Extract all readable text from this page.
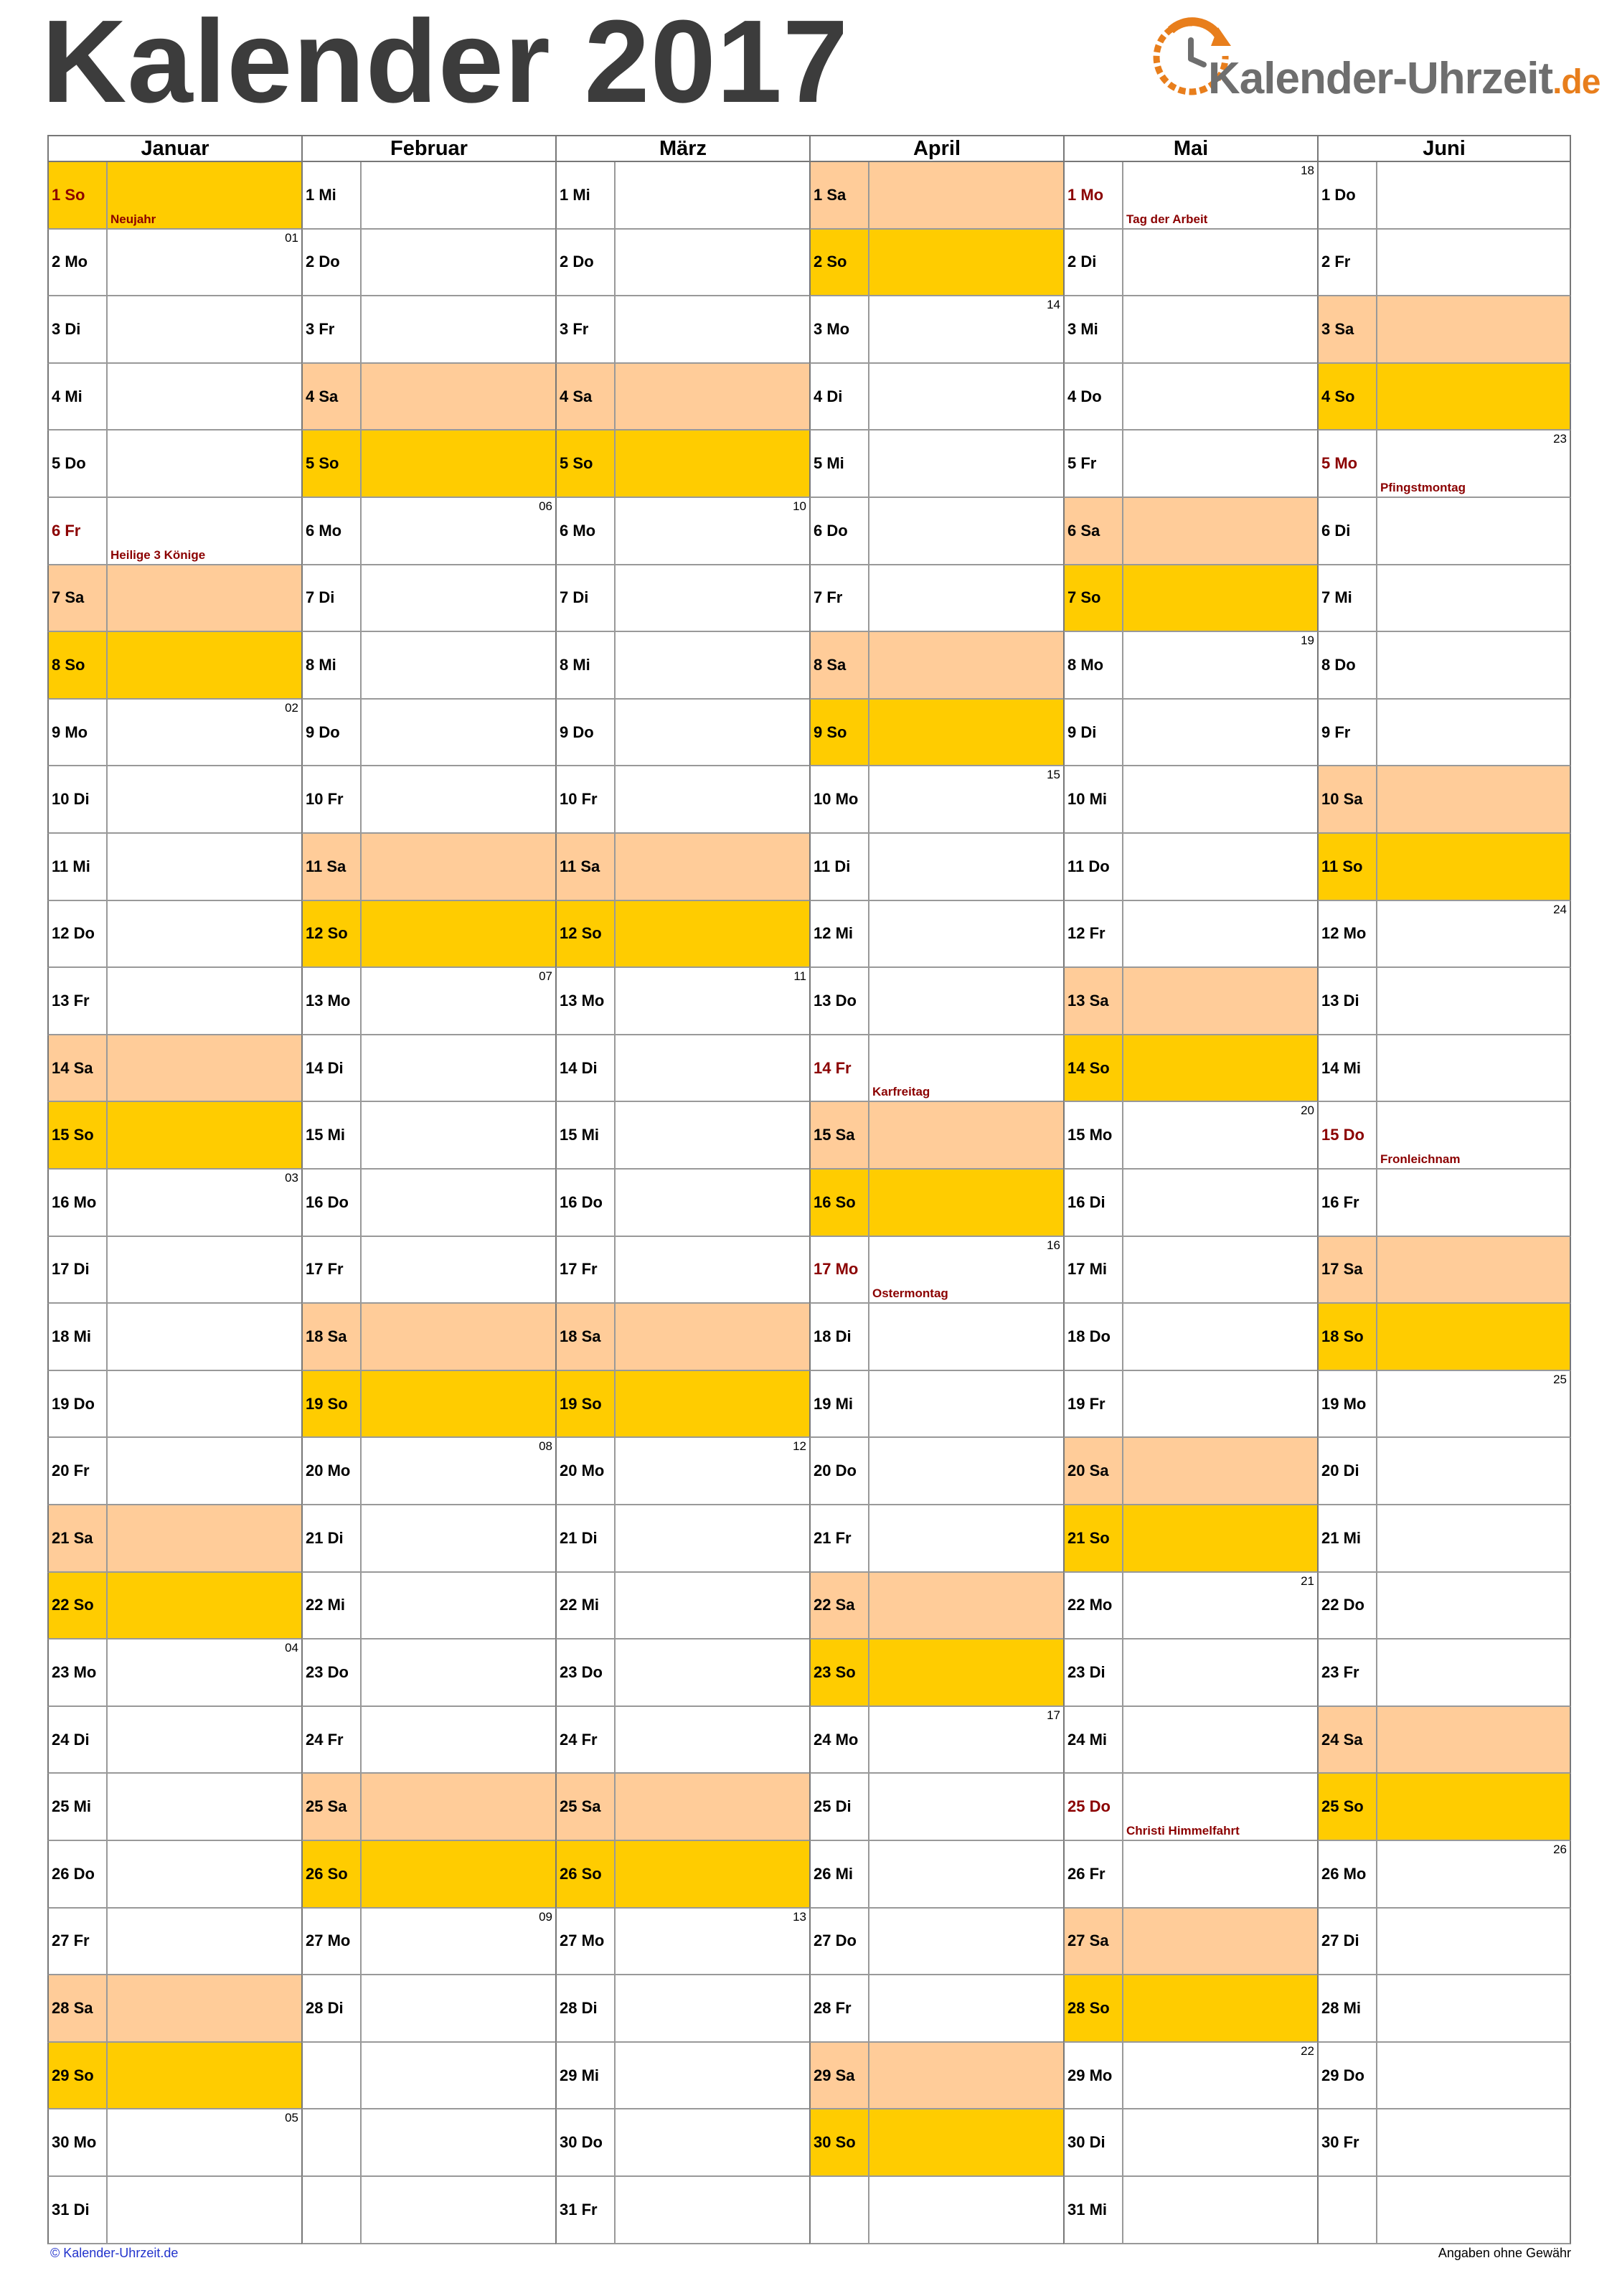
Kalender 2017	Kalender-Uhrzeit.de
Januar
1 So
Neujahr
2 Mo
01
3 Di
4 Mi
5 Do
6 Fr
Heilige 3 Könige
7 Sa
8 So
9 Mo
02
10 Di
11 Mi
12 Do
13 Fr
14 Sa
15 So
16 Mo
03
17 Di
18 Mi
19 Do
20 Fr
21 Sa
22 So
23 Mo
04
24 Di
25 Mi
26 Do
27 Fr
28 Sa
29 So
30 Mo
05
31 Di
Februar
1 Mi
2 Do
3 Fr
4 Sa
5 So
6 Mo
06
7 Di
8 Mi
9 Do
10 Fr
11 Sa
12 So
13 Mo
07
14 Di
15 Mi
16 Do
17 Fr
18 Sa
19 So
20 Mo
08
21 Di
22 Mi
23 Do
24 Fr
25 Sa
26 So
27 Mo
09
28 Di
März
1 Mi
2 Do
3 Fr
4 Sa
5 So
6 Mo
10
7 Di
8 Mi
9 Do
10 Fr
11 Sa
12 So
13 Mo
11
14 Di
15 Mi
16 Do
17 Fr
18 Sa
19 So
20 Mo
12
21 Di
22 Mi
23 Do
24 Fr
25 Sa
26 So
27 Mo
13
28 Di
29 Mi
30 Do
31 Fr
April
1 Sa
2 So
3 Mo
14
4 Di
5 Mi
6 Do
7 Fr
8 Sa
9 So
10 Mo
15
11 Di
12 Mi
13 Do
14 Fr
Karfreitag
15 Sa
16 So
17 Mo
16
Ostermontag
18 Di
19 Mi
20 Do
21 Fr
22 Sa
23 So
24 Mo
17
25 Di
26 Mi
27 Do
28 Fr
29 Sa
30 So
Mai
1 Mo
18
Tag der Arbeit
2 Di
3 Mi
4 Do
5 Fr
6 Sa
7 So
8 Mo
19
9 Di
10 Mi
11 Do
12 Fr
13 Sa
14 So
15 Mo
20
16 Di
17 Mi
18 Do
19 Fr
20 Sa
21 So
22 Mo
21
23 Di
24 Mi
25 Do
Christi Himmelfahrt
26 Fr
27 Sa
28 So
29 Mo
22
30 Di
31 Mi
Juni
1 Do
2 Fr
3 Sa
4 So
5 Mo
23
Pfingstmontag
6 Di
7 Mi
8 Do
9 Fr
10 Sa
11 So
12 Mo
24
13 Di
14 Mi
15 Do
Fronleichnam
16 Fr
17 Sa
18 So
19 Mo
25
20 Di
21 Mi
22 Do
23 Fr
24 Sa
25 So
26 Mo
26
27 Di
28 Mi
29 Do
30 Fr
© Kalender-Uhrzeit.de	Angaben ohne Gewähr
